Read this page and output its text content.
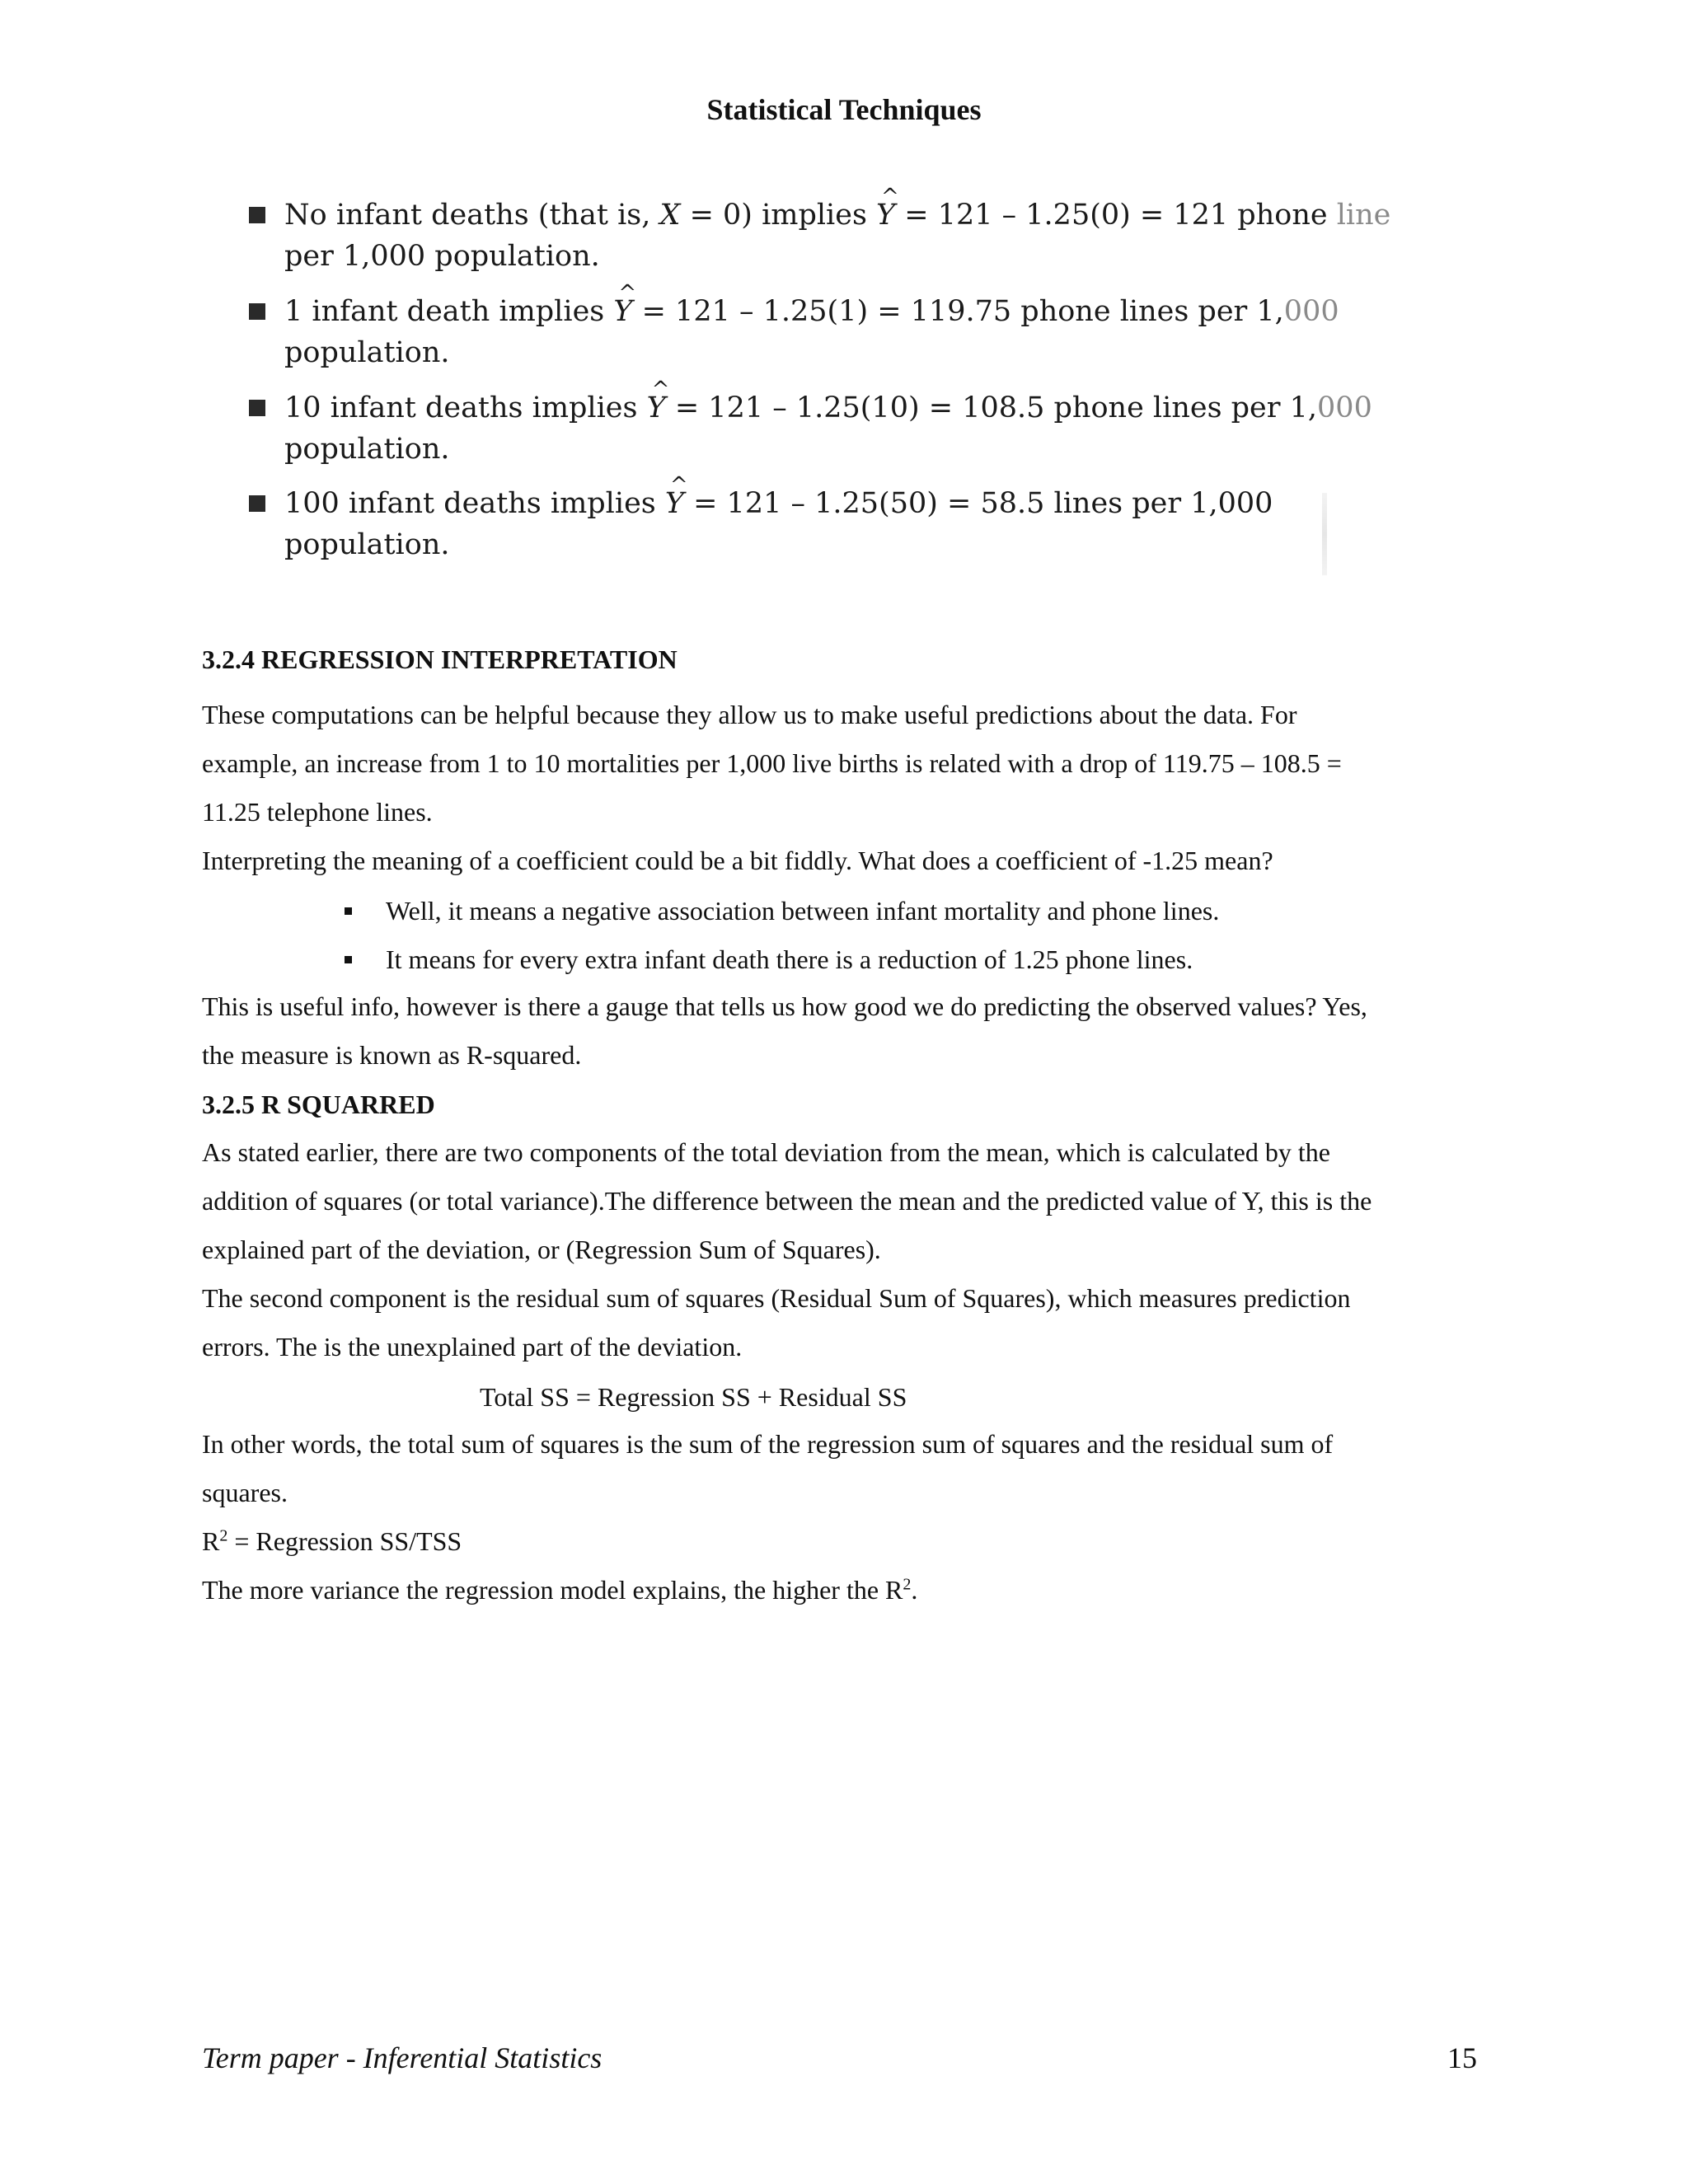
Statistical Techniques
No infant deaths (that is, X = 0) implies ^ Y = 121 – 1.25(0) = 121 phone line
per 1,000 population.
1 infant death implies ^ Y = 121 – 1.25(1) = 119.75 phone lines per 1,000
population.
10 infant deaths implies ^ Y = 121 – 1.25(10) = 108.5 phone lines per 1,000
population.
100 infant deaths implies ^ Y = 121 – 1.25(50) = 58.5 lines per 1,000
population.
3.2.4 REGRESSION INTERPRETATION
These computations can be helpful because they allow us to make useful predictions about the data. For
example, an increase from 1 to 10 mortalities per 1,000 live births is related with a drop of 119.75 – 108.5 =
11.25 telephone lines.
Interpreting the meaning of a coefficient could be a bit fiddly. What does a coefficient of -1.25 mean?
Well, it means a negative association between infant mortality and phone lines.
It means for every extra infant death there is a reduction of 1.25 phone lines.
This is useful info, however is there a gauge that tells us how good we do predicting the observed values? Yes,
the measure is known as R-squared.
3.2.5 R SQUARRED
As stated earlier, there are two components of the total deviation from the mean, which is calculated by the
addition of squares (or total variance).The difference between the mean and the predicted value of Y, this is the
explained part of the deviation, or (Regression Sum of Squares).
The second component is the residual sum of squares (Residual Sum of Squares), which measures prediction
errors. The is the unexplained part of the deviation.
Total SS = Regression SS + Residual SS
In other words, the total sum of squares is the sum of the regression sum of squares and the residual sum of
squares.
$R^2$ = Regression SS/TSS
The more variance the regression model explains, the higher the $R^2$.
Term paper - Inferential Statistics	15
